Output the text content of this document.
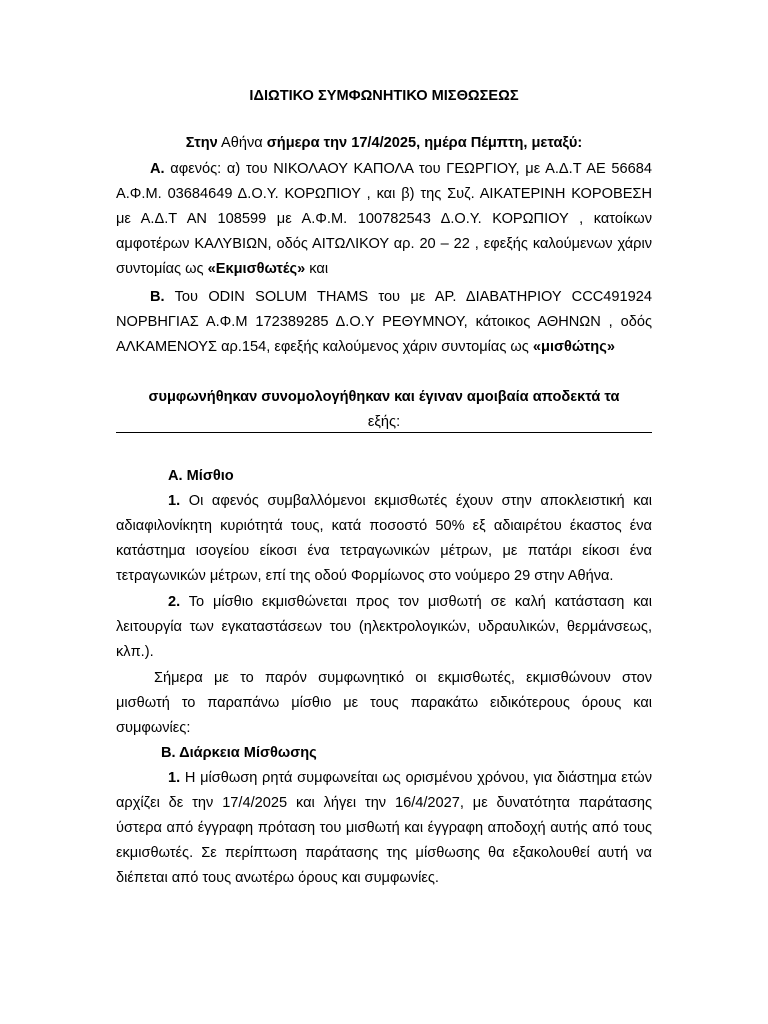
ΙΔΙΩΤΙΚΟ ΣΥΜΦΩΝΗΤΙΚΟ ΜΙΣΘΩΣΕΩΣ
Στην Αθήνα σήμερα την 17/4/2025, ημέρα Πέμπτη, μεταξύ:
Α. αφενός: α) του ΝΙΚΟΛΑΟΥ ΚΑΠΟΛΑ του ΓΕΩΡΓΙΟΥ, με Α.Δ.Τ ΑΕ 56684 Α.Φ.Μ. 03684649 Δ.Ο.Υ. ΚΟΡΩΠΙΟΥ , και β) της Συζ. ΑΙΚΑΤΕΡΙΝΗ ΚΟΡΟΒΕΣΗ με Α.Δ.Τ ΑΝ 108599 με Α.Φ.Μ. 100782543 Δ.Ο.Υ. ΚΟΡΩΠΙΟΥ , κατοίκων αμφοτέρων ΚΑΛΥΒΙΩΝ, οδός ΑΙΤΩΛΙΚΟΥ αρ. 20 – 22 , εφεξής καλούμενων χάριν συντομίας ως «Εκμισθωτές» και
Β. Του ODIN SOLUM THAMS του με ΑΡ. ΔΙΑΒΑΤΗΡΙΟΥ CCC491924 ΝΟΡΒΗΓΙΑΣ Α.Φ.Μ 172389285 Δ.Ο.Υ ΡΕΘΥΜΝΟΥ, κάτοικος ΑΘΗΝΩΝ , οδός ΑΛΚΑΜΕΝΟΥΣ αρ.154, εφεξής καλούμενος χάριν συντομίας ως «μισθώτης»
συμφωνήθηκαν συνομολογήθηκαν και έγιναν αμοιβαία αποδεκτά τα
εξής:
Α. Μίσθιο
1. Οι αφενός συμβαλλόμενοι εκμισθωτές έχουν στην αποκλειστική και αδιαφιλονίκητη κυριότητά τους, κατά ποσοστό 50% εξ αδιαιρέτου έκαστος ένα κατάστημα ισογείου είκοσι ένα τετραγωνικών μέτρων, με πατάρι είκοσι ένα τετραγωνικών μέτρων, επί της οδού Φορμίωνος στο νούμερο 29 στην Αθήνα.
2. Το μίσθιο εκμισθώνεται προς τον μισθωτή σε καλή κατάσταση και λειτουργία των εγκαταστάσεων του (ηλεκτρολογικών, υδραυλικών, θερμάνσεως, κλπ.).
Σήμερα με το παρόν συμφωνητικό οι εκμισθωτές, εκμισθώνουν στον μισθωτή το παραπάνω μίσθιο με τους παρακάτω ειδικότερους όρους και συμφωνίες:
Β. Διάρκεια Μίσθωσης
1. Η μίσθωση ρητά συμφωνείται ως ορισμένου χρόνου, για διάστημα ετών αρχίζει δε την 17/4/2025 και λήγει την 16/4/2027, με δυνατότητα παράτασης ύστερα από έγγραφη πρόταση του μισθωτή και έγγραφη αποδοχή αυτής από τους εκμισθωτές. Σε περίπτωση παράτασης της μίσθωσης θα εξακολουθεί αυτή να διέπεται από τους ανωτέρω όρους και συμφωνίες.
